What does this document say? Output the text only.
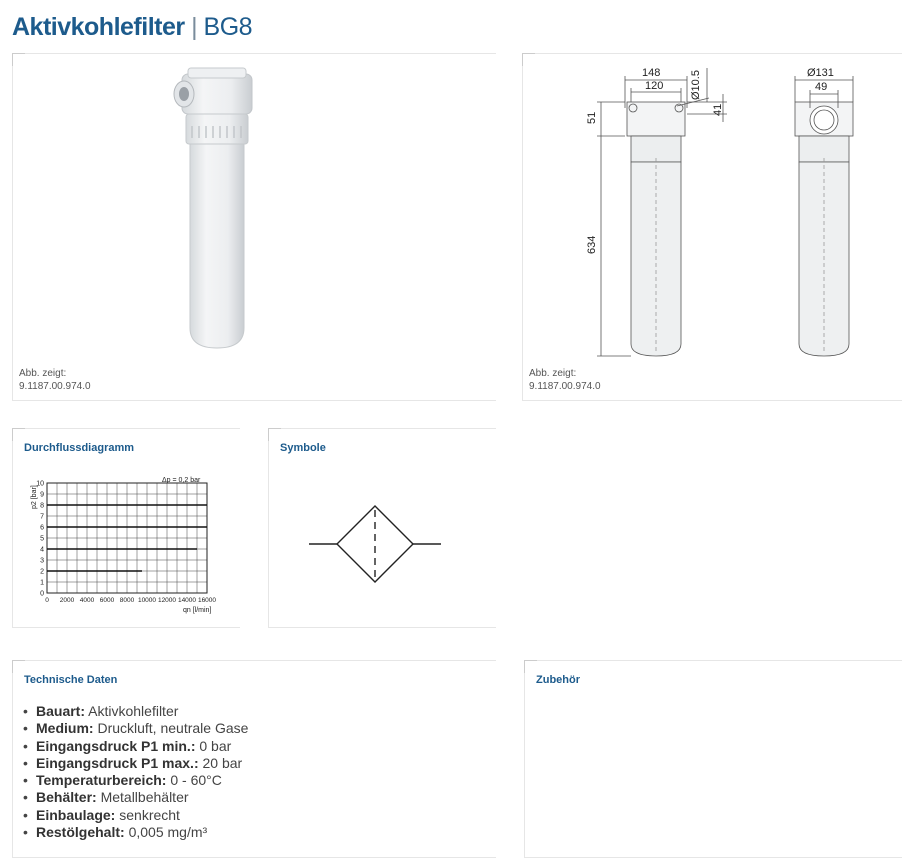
Aktivkohlefilter | BG8
Abb. zeigt:
9.1187.00.974.0
148
120 Ø10.5
51
41
634
Ø131
49
Abb. zeigt:
9.1187.00.974.0
Durchflussdiagramm
Δp = 0,2 bar
p2 [bar]
qn [l/min]
0
1
2
3
4
5
6
7
8
9
10
0 2000 4000 6000 8000 10000 12000 14000 16000
Symbole
Technische Daten
• Bauart: Aktivkohlefilter
• Medium: Druckluft, neutrale Gase
• Eingangsdruck P1 min.: 0 bar
• Eingangsdruck P1 max.: 20 bar
• Temperaturbereich: 0 - 60°C
• Behälter: Metallbehälter
• Einbaulage: senkrecht
• Restölgehalt: 0,005 mg/m³
Zubehör
